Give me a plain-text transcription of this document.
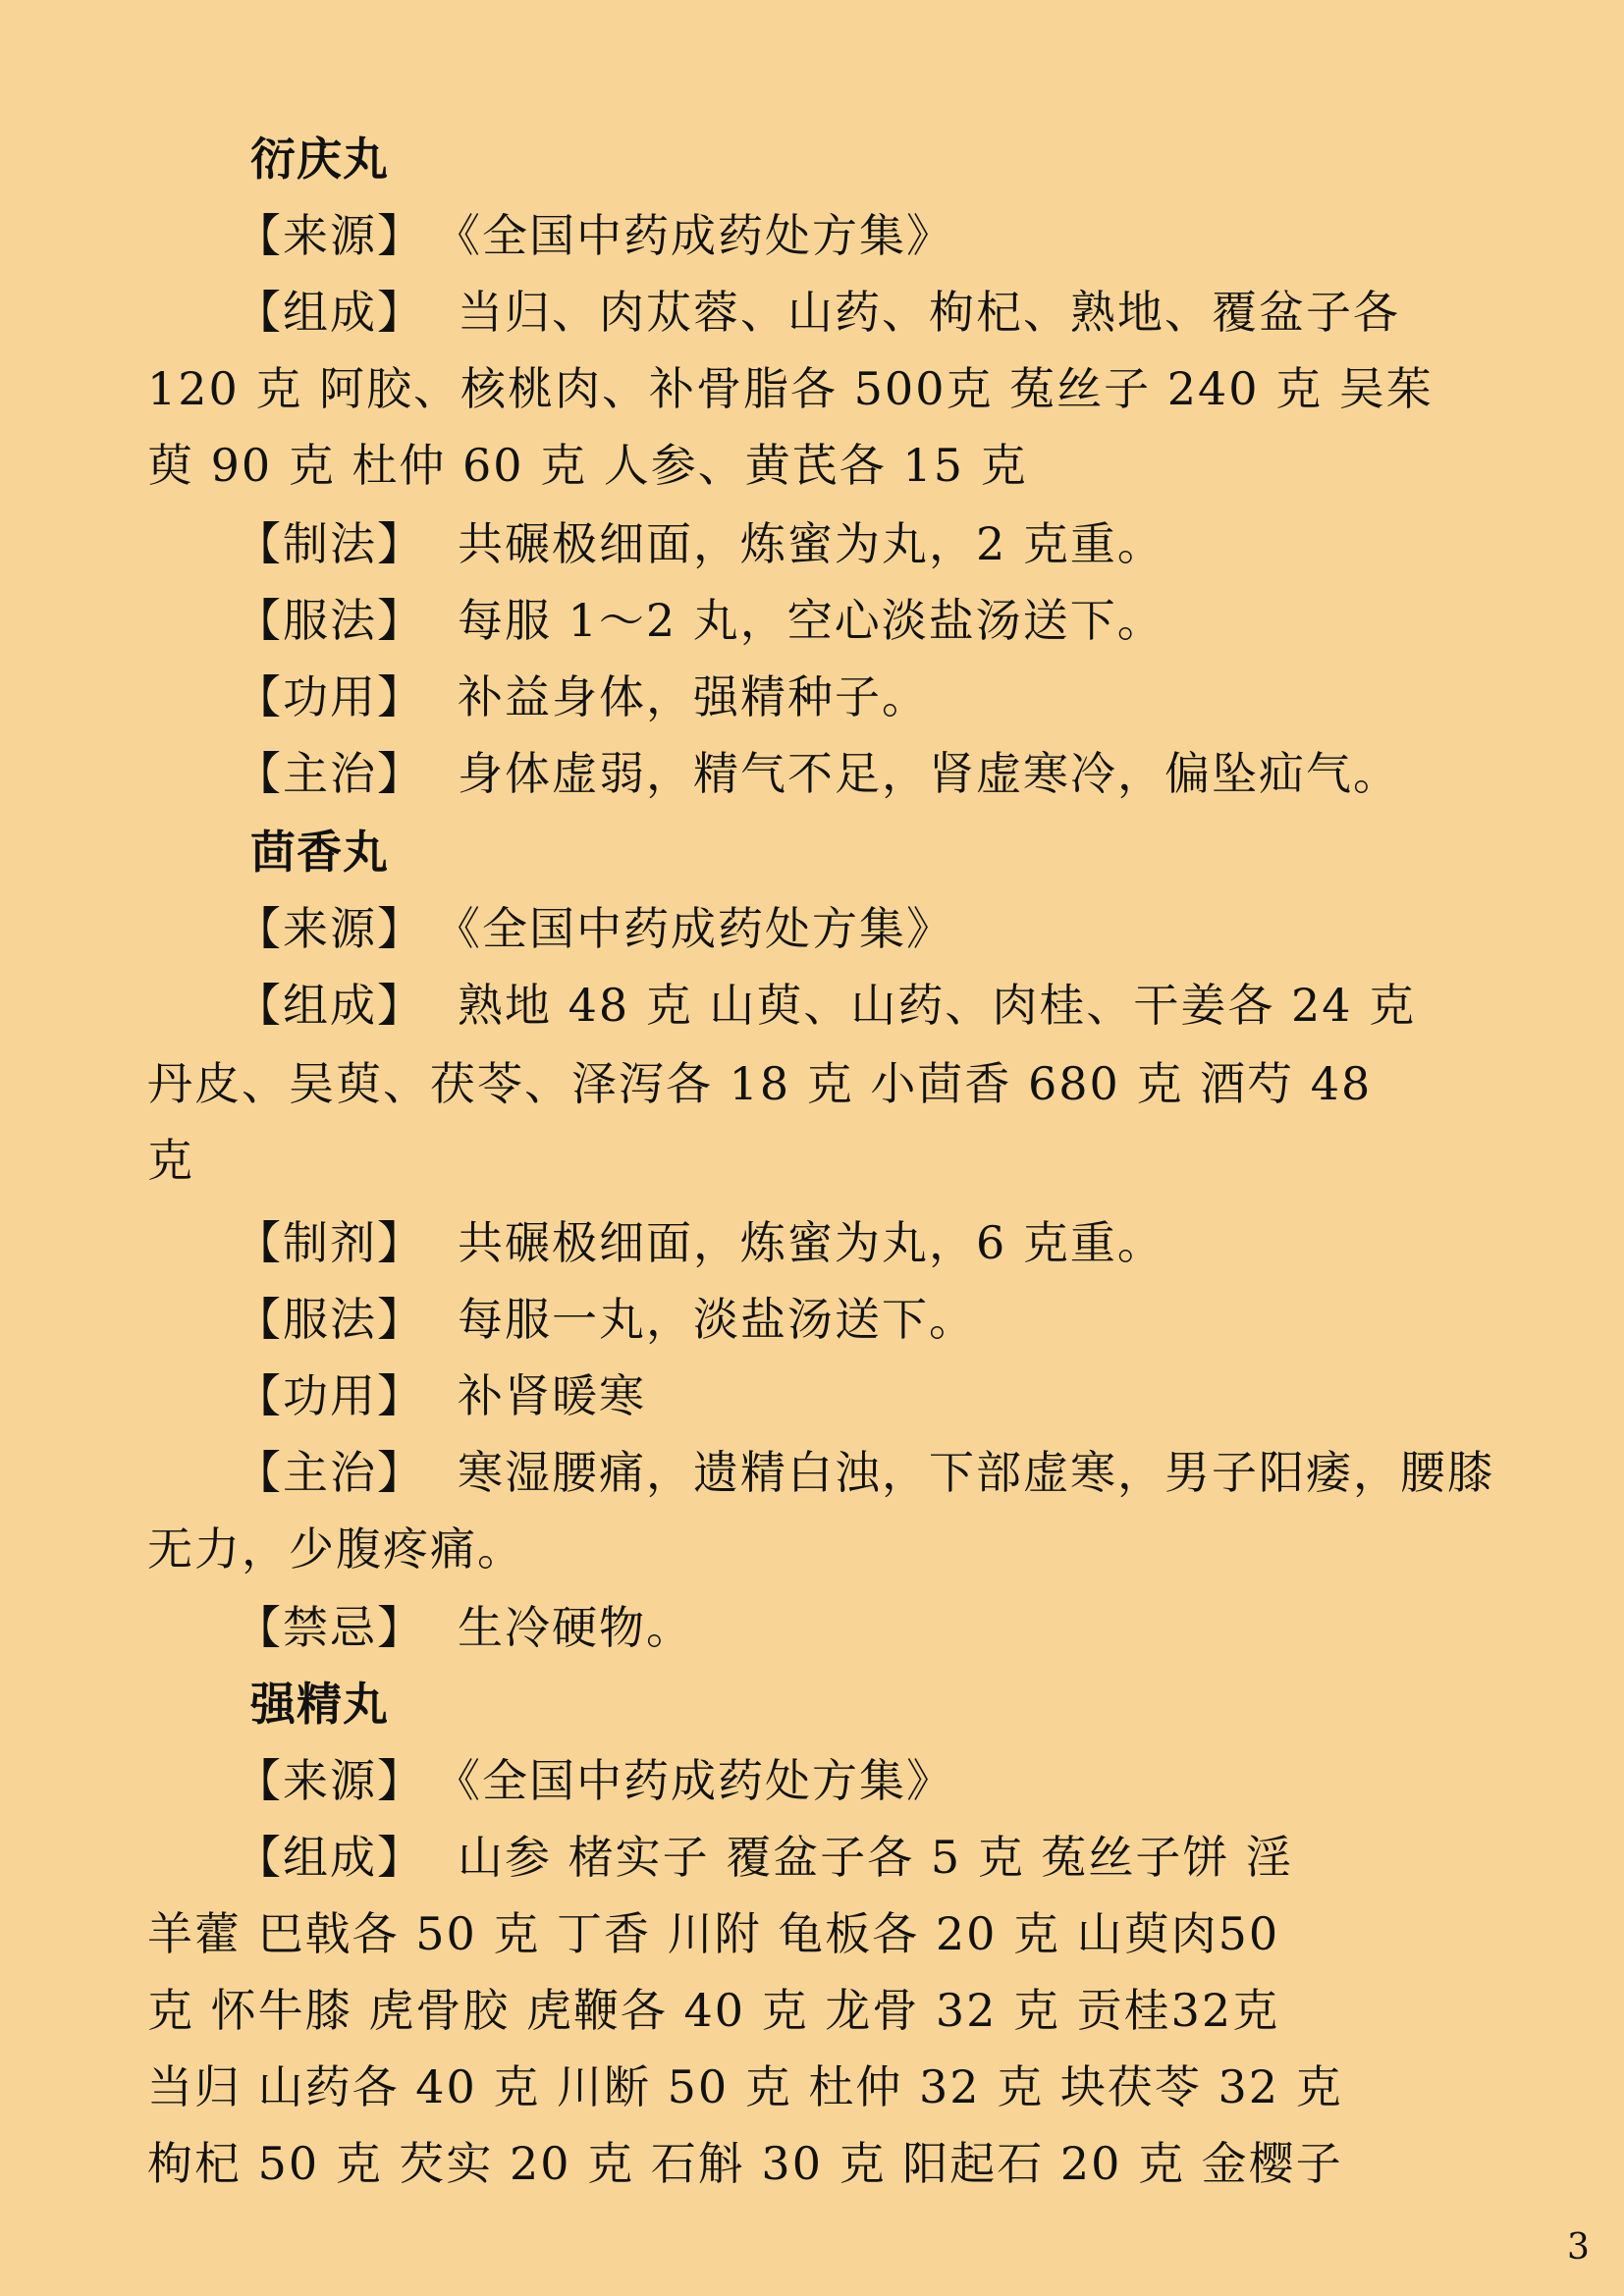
衍庆丸
【来源】 《全国中药成药处方集》
【组成】 当归、肉苁蓉、山药、枸杞、熟地、覆盆子各
120 克 阿胶、核桃肉、补骨脂各 500克 菟丝子 240 克 吴茱
萸 90 克 杜仲 60 克 人参、黄芪各 15 克
【制法】 共碾极细面，炼蜜为丸，2 克重。
【服法】 每服 1～2 丸，空心淡盐汤送下。
【功用】 补益身体，强精种子。
【主治】 身体虚弱，精气不足，肾虚寒冷，偏坠疝气。
茴香丸
【来源】 《全国中药成药处方集》
【组成】 熟地 48 克 山萸、山药、肉桂、干姜各 24 克
丹皮、吴萸、茯苓、泽泻各 18 克 小茴香 680 克 酒芍 48
克
【制剂】 共碾极细面，炼蜜为丸，6 克重。
【服法】 每服一丸，淡盐汤送下。
【功用】 补肾暖寒
【主治】 寒湿腰痛，遗精白浊，下部虚寒，男子阳痿，腰膝
无力，少腹疼痛。
【禁忌】 生冷硬物。
强精丸
【来源】 《全国中药成药处方集》
【组成】 山参 楮实子 覆盆子各 5 克 菟丝子饼 淫
羊藿 巴戟各 50 克 丁香 川附 龟板各 20 克 山萸肉50
克 怀牛膝 虎骨胶 虎鞭各 40 克 龙骨 32 克 贡桂32克
当归 山药各 40 克 川断 50 克 杜仲 32 克 块茯苓 32 克
枸杞 50 克 芡实 20 克 石斛 30 克 阳起石 20 克 金樱子
3
